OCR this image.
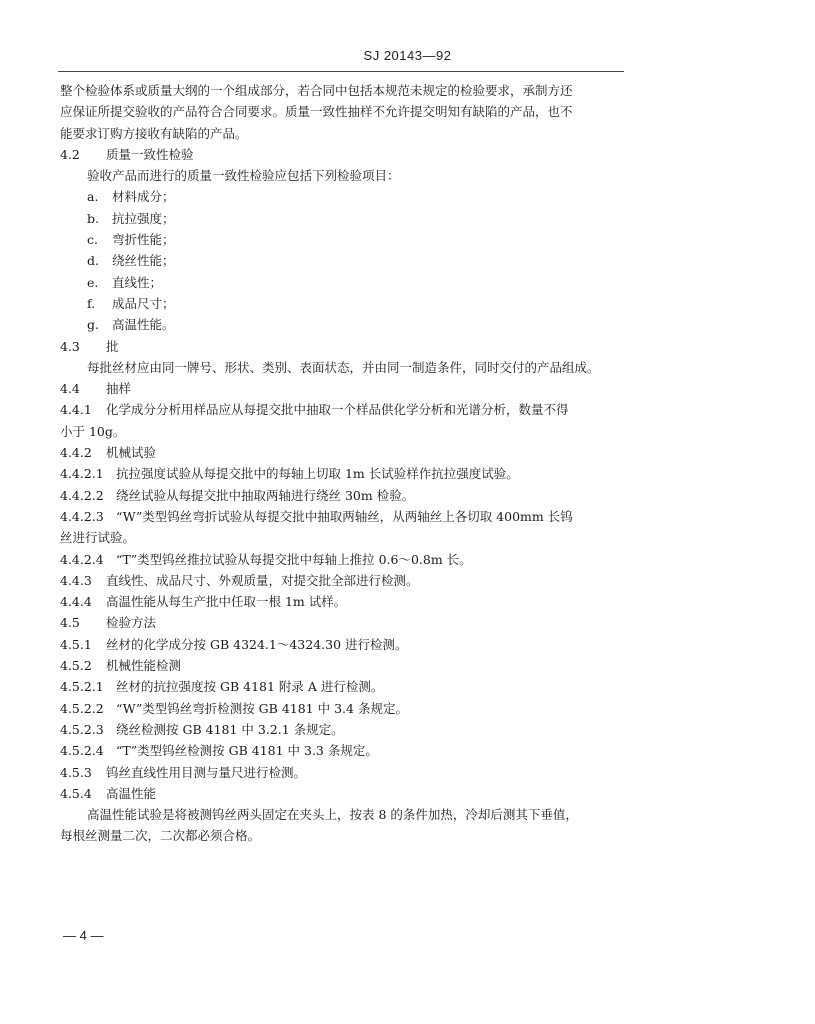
SJ 20143—92

整个检验体系或质量大纲的一个组成部分，若合同中包括本规范未规定的检验要求，承制方还

应保证所提交验收的产品符合合同要求。质量一致性抽样不允许提交明知有缺陷的产品，也不

能要求订购方接收有缺陷的产品。

4.2 质量一致性检验

验收产品而进行的质量一致性检验应包括下列检验项目：

a. 材料成分；

b. 抗拉强度；

c. 弯折性能；

d. 绕丝性能；

e. 直线性；

f. 成品尺寸；

g. 高温性能。

4.3 批

每批丝材应由同一牌号、形状、类别、表面状态，并由同一制造条件，同时交付的产品组成。

4.4 抽样

4.4.1 化学成分分析用样品应从每提交批中抽取一个样品供化学分析和光谱分析，数量不得

小于 10g。

4.4.2 机械试验

4.4.2.1 抗拉强度试验从每提交批中的每轴上切取 1m 长试验样作抗拉强度试验。

4.4.2.2 绕丝试验从每提交批中抽取两轴进行绕丝 30m 检验。

4.4.2.3 “W”类型钨丝弯折试验从每提交批中抽取两轴丝，从两轴丝上各切取 400mm 长钨

丝进行试验。

4.4.2.4 “T”类型钨丝推拉试验从每提交批中每轴上推拉 0.6～0.8m 长。

4.4.3 直线性、成品尺寸、外观质量，对提交批全部进行检测。

4.4.4 高温性能从每生产批中任取一根 1m 试样。

4.5 检验方法

4.5.1 丝材的化学成分按 GB 4324.1～4324.30 进行检测。

4.5.2 机械性能检测

4.5.2.1 丝材的抗拉强度按 GB 4181 附录 A 进行检测。

4.5.2.2 “W”类型钨丝弯折检测按 GB 4181 中 3.4 条规定。

4.5.2.3 绕丝检测按 GB 4181 中 3.2.1 条规定。

4.5.2.4 “T”类型钨丝检测按 GB 4181 中 3.3 条规定。

4.5.3 钨丝直线性用目测与量尺进行检测。

4.5.4 高温性能

高温性能试验是将被测钨丝两头固定在夹头上，按表 8 的条件加热，冷却后测其下垂值，

每根丝测量二次，二次都必须合格。

— 4 —
